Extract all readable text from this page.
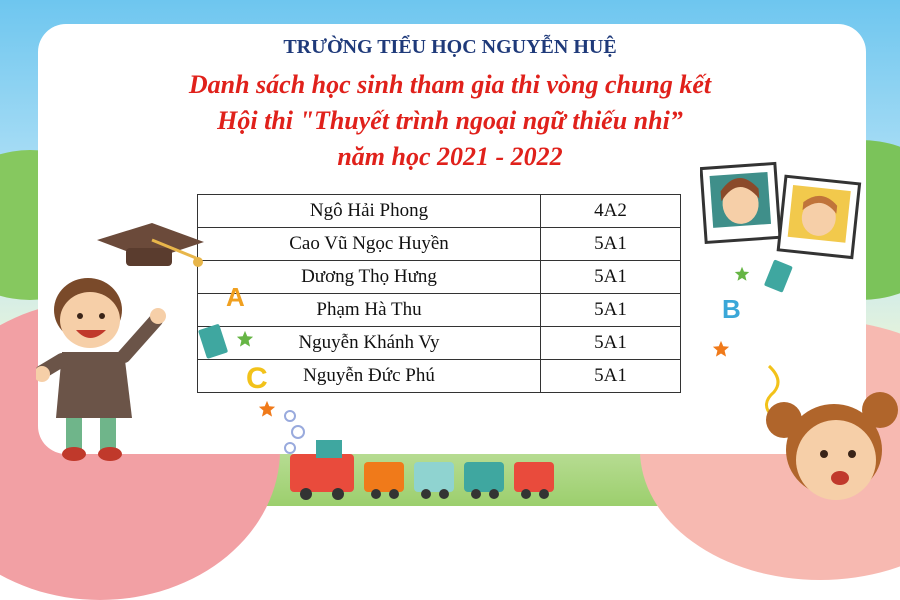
TRƯỜNG TIỂU HỌC NGUYỄN HUỆ
Danh sách học sinh tham gia thi vòng chung kết
Hội thi "Thuyết trình ngoại ngữ thiếu nhi”
năm học 2021 - 2022
Ngô Hải Phong	4A2
Cao Vũ Ngọc Huyền	5A1
Dương Thọ Hưng	5A1
Phạm Hà Thu	5A1
Nguyễn Khánh Vy	5A1
Nguyễn Đức Phú	5A1
A	B
C
